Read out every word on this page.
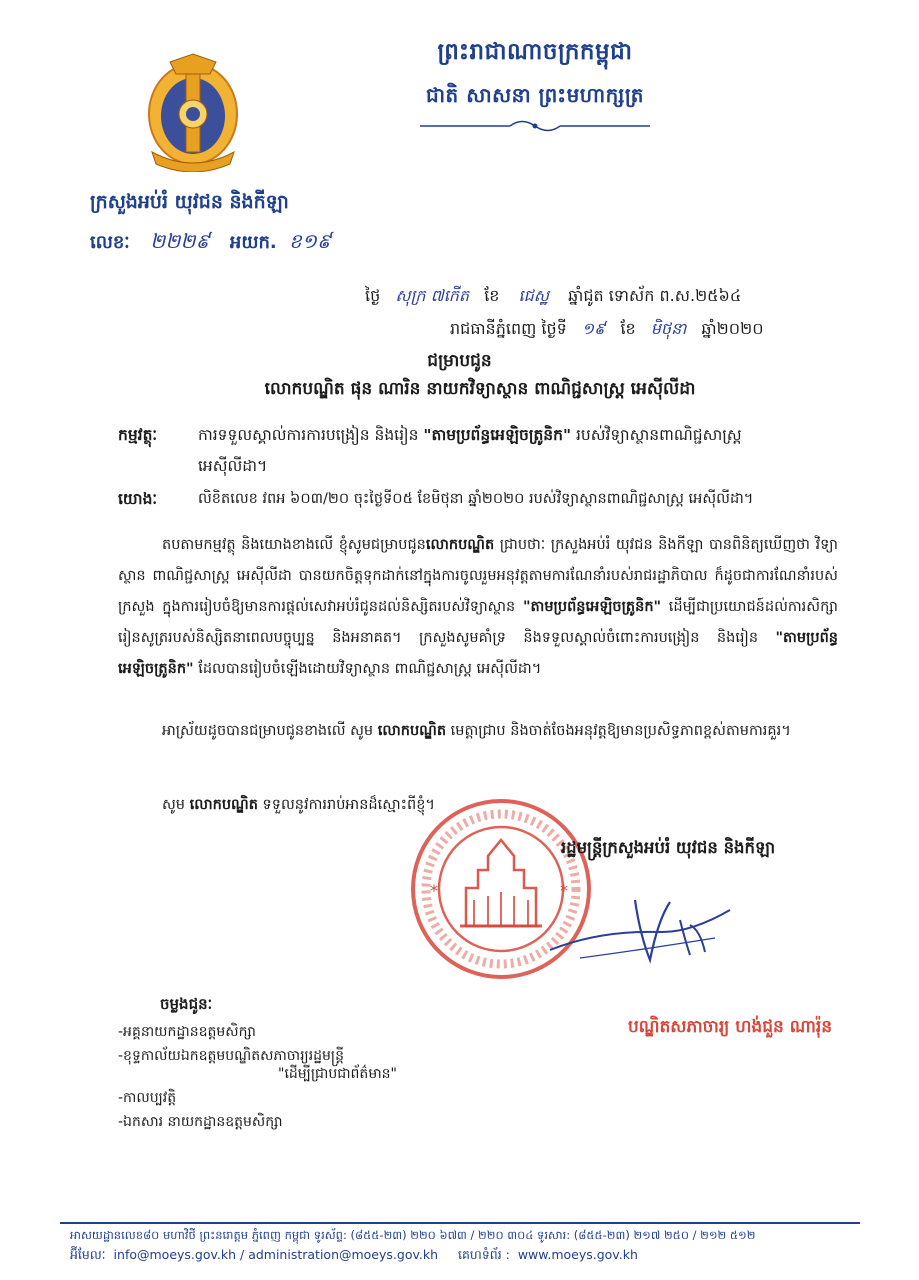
ព្រះរាជាណាចក្រកម្ពុជា
ជាតិ សាសនា ព្រះមហាក្សត្រ
ក្រសួងអប់រំ យុវជន និងកីឡា
លេខៈ ២២២៩ អយក. ខ១៩
ថ្ងៃ សុក្រ ៧កើត ខែ ជេស្ឋ ឆ្នាំជូត ទោស័ក ព.ស.២៥៦៤
រាជធានីភ្នំពេញ ថ្ងៃទី ១៩ ខែ មិថុនា ឆ្នាំ២០២០
ជម្រាបជូន
លោកបណ្ឌិត ផុន ណារិន នាយកវិទ្យាស្ថាន ពាណិជ្ជសាស្រ្ត អេស៊ីលីដា
កម្មវត្ថុៈ	ការទទួលស្គាល់ការការបង្រៀន និងរៀន "តាមប្រព័ន្ធអេឡិចត្រូនិក" របស់វិទ្យាស្ថានពាណិជ្ជសាស្រ្ត
អេស៊ីលីដា។
យោងៈ	លិខិតលេខ វពអ ៦០៣/២០ ចុះថ្ងៃទី០៥ ខែមិថុនា ឆ្នាំ២០២០ របស់វិទ្យាស្ថានពាណិជ្ជសាស្រ្ត អេស៊ីលីដា។
តបតាមកម្មវត្ថុ និងយោងខាងលើ ខ្ញុំសូមជម្រាបជូនលោកបណ្ឌិត ជ្រាបថាៈ ក្រសួងអប់រំ យុវជន និងកីឡា បានពិនិត្យឃើញថា វិទ្យាស្ថាន ពាណិជ្ជសាស្រ្ត អេស៊ីលីដា បានយកចិត្តទុកដាក់នៅក្នុងការចូលរួមអនុវត្តតាមការណែនាំរបស់រាជរដ្ឋាភិបាល ក៏ដូចជាការណែនាំរបស់ក្រសួង ក្នុងការរៀបចំឱ្យមានការផ្ដល់សេវាអប់រំជូនដល់និស្សិតរបស់វិទ្យាស្ថាន "តាមប្រព័ន្ធអេឡិចត្រូនិក" ដើម្បីជាប្រយោជន៍ដល់ការសិក្សារៀនសូត្ររបស់និស្សិតនាពេលបច្ចុប្បន្ន និងអនាគត។ ក្រសួងសូមគាំទ្រ និងទទួលស្គាល់ចំពោះការបង្រៀន និងរៀន "តាមប្រព័ន្ធអេឡិចត្រូនិក" ដែលបានរៀបចំឡើងដោយវិទ្យាស្ថាន ពាណិជ្ជសាស្រ្ត អេស៊ីលីដា។
អាស្រ័យដូចបានជម្រាបជូនខាងលើ សូម លោកបណ្ឌិត មេត្តាជ្រាប និងចាត់ចែងអនុវត្តឱ្យមានប្រសិទ្ធភាពខ្ពស់តាមការគួរ។
សូម លោកបណ្ឌិត ទទួលនូវការរាប់អានដ៏ស្មោះពីខ្ញុំ។
*	*
រដ្ឋមន្ត្រីក្រសួងអប់រំ យុវជន និងកីឡា
បណ្ឌិតសភាចារ្យ ហង់ជួន ណារ៉ុន
ចម្លងជូនៈ
-អគ្គនាយកដ្ឋានឧត្ដមសិក្សា
-ខុទ្ទកាល័យឯកឧត្ដមបណ្ឌិតសភាចារ្យរដ្ឋមន្ត្រី
"ដើម្បីជ្រាបជាព័ត៌មាន"
-កាលប្បវត្តិ
-ឯកសារ នាយកដ្ឋានឧត្ដមសិក្សា
អាសយដ្ឋានលេខ៨០ មហាវិថី ព្រះនរោត្តម ភ្នំពេញ កម្ពុជា ទូរស័ព្ទ: (៨៥៥-២៣) ២២០ ៦៧៣ / ២២០ ៣០៤ ទូរសារ: (៨៥៥-២៣) ២១៧ ២៥០ / ២១២ ៥១២
អ៊ីមែលៈ info@moeys.gov.kh / administration@moeys.gov.kh គេហទំព័រ : www.moeys.gov.kh
